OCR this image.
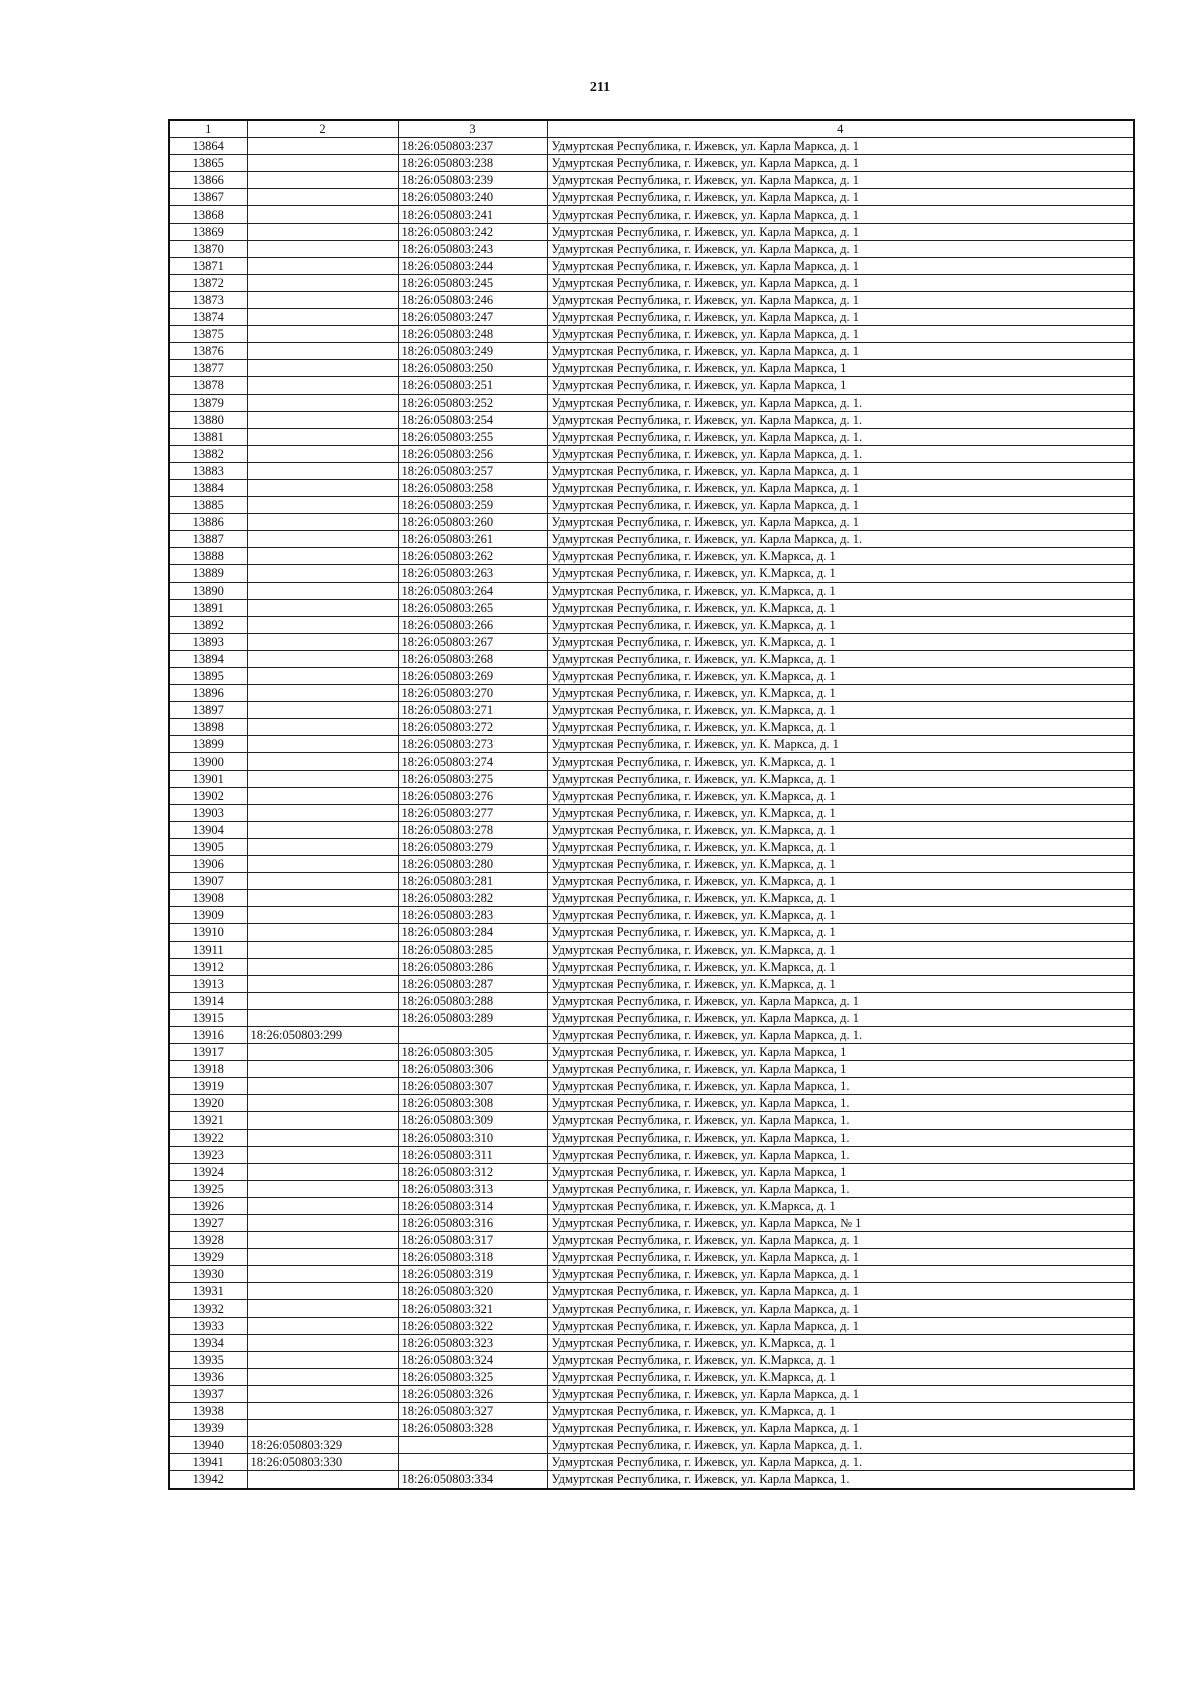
211
1	2	3	4
13864		18:26:050803:237	Удмуртская Республика, г. Ижевск, ул. Карла Маркса, д. 1
13865		18:26:050803:238	Удмуртская Республика, г. Ижевск, ул. Карла Маркса, д. 1
13866		18:26:050803:239	Удмуртская Республика, г. Ижевск, ул. Карла Маркса, д. 1
13867		18:26:050803:240	Удмуртская Республика, г. Ижевск, ул. Карла Маркса, д. 1
13868		18:26:050803:241	Удмуртская Республика, г. Ижевск, ул. Карла Маркса, д. 1
13869		18:26:050803:242	Удмуртская Республика, г. Ижевск, ул. Карла Маркса, д. 1
13870		18:26:050803:243	Удмуртская Республика, г. Ижевск, ул. Карла Маркса, д. 1
13871		18:26:050803:244	Удмуртская Республика, г. Ижевск, ул. Карла Маркса, д. 1
13872		18:26:050803:245	Удмуртская Республика, г. Ижевск, ул. Карла Маркса, д. 1
13873		18:26:050803:246	Удмуртская Республика, г. Ижевск, ул. Карла Маркса, д. 1
13874		18:26:050803:247	Удмуртская Республика, г. Ижевск, ул. Карла Маркса, д. 1
13875		18:26:050803:248	Удмуртская Республика, г. Ижевск, ул. Карла Маркса, д. 1
13876		18:26:050803:249	Удмуртская Республика, г. Ижевск, ул. Карла Маркса, д. 1
13877		18:26:050803:250	Удмуртская Республика, г. Ижевск, ул. Карла Маркса, 1
13878		18:26:050803:251	Удмуртская Республика, г. Ижевск, ул. Карла Маркса, 1
13879		18:26:050803:252	Удмуртская Республика, г. Ижевск, ул. Карла Маркса, д. 1.
13880		18:26:050803:254	Удмуртская Республика, г. Ижевск, ул. Карла Маркса, д. 1.
13881		18:26:050803:255	Удмуртская Республика, г. Ижевск, ул. Карла Маркса, д. 1.
13882		18:26:050803:256	Удмуртская Республика, г. Ижевск, ул. Карла Маркса, д. 1.
13883		18:26:050803:257	Удмуртская Республика, г. Ижевск, ул. Карла Маркса, д. 1
13884		18:26:050803:258	Удмуртская Республика, г. Ижевск, ул. Карла Маркса, д. 1
13885		18:26:050803:259	Удмуртская Республика, г. Ижевск, ул. Карла Маркса, д. 1
13886		18:26:050803:260	Удмуртская Республика, г. Ижевск, ул. Карла Маркса, д. 1
13887		18:26:050803:261	Удмуртская Республика, г. Ижевск, ул. Карла Маркса, д. 1.
13888		18:26:050803:262	Удмуртская Республика, г. Ижевск, ул. К.Маркса, д. 1
13889		18:26:050803:263	Удмуртская Республика, г. Ижевск, ул. К.Маркса, д. 1
13890		18:26:050803:264	Удмуртская Республика, г. Ижевск, ул. К.Маркса, д. 1
13891		18:26:050803:265	Удмуртская Республика, г. Ижевск, ул. К.Маркса, д. 1
13892		18:26:050803:266	Удмуртская Республика, г. Ижевск, ул. К.Маркса, д. 1
13893		18:26:050803:267	Удмуртская Республика, г. Ижевск, ул. К.Маркса, д. 1
13894		18:26:050803:268	Удмуртская Республика, г. Ижевск, ул. К.Маркса, д. 1
13895		18:26:050803:269	Удмуртская Республика, г. Ижевск, ул. К.Маркса, д. 1
13896		18:26:050803:270	Удмуртская Республика, г. Ижевск, ул. К.Маркса, д. 1
13897		18:26:050803:271	Удмуртская Республика, г. Ижевск, ул. К.Маркса, д. 1
13898		18:26:050803:272	Удмуртская Республика, г. Ижевск, ул. К.Маркса, д. 1
13899		18:26:050803:273	Удмуртская Республика, г. Ижевск, ул. К. Маркса, д. 1
13900		18:26:050803:274	Удмуртская Республика, г. Ижевск, ул. К.Маркса, д. 1
13901		18:26:050803:275	Удмуртская Республика, г. Ижевск, ул. К.Маркса, д. 1
13902		18:26:050803:276	Удмуртская Республика, г. Ижевск, ул. К.Маркса, д. 1
13903		18:26:050803:277	Удмуртская Республика, г. Ижевск, ул. К.Маркса, д. 1
13904		18:26:050803:278	Удмуртская Республика, г. Ижевск, ул. К.Маркса, д. 1
13905		18:26:050803:279	Удмуртская Республика, г. Ижевск, ул. К.Маркса, д. 1
13906		18:26:050803:280	Удмуртская Республика, г. Ижевск, ул. К.Маркса, д. 1
13907		18:26:050803:281	Удмуртская Республика, г. Ижевск, ул. К.Маркса, д. 1
13908		18:26:050803:282	Удмуртская Республика, г. Ижевск, ул. К.Маркса, д. 1
13909		18:26:050803:283	Удмуртская Республика, г. Ижевск, ул. К.Маркса, д. 1
13910		18:26:050803:284	Удмуртская Республика, г. Ижевск, ул. К.Маркса, д. 1
13911		18:26:050803:285	Удмуртская Республика, г. Ижевск, ул. К.Маркса, д. 1
13912		18:26:050803:286	Удмуртская Республика, г. Ижевск, ул. К.Маркса, д. 1
13913		18:26:050803:287	Удмуртская Республика, г. Ижевск, ул. К.Маркса, д. 1
13914		18:26:050803:288	Удмуртская Республика, г. Ижевск, ул. Карла Маркса, д. 1
13915		18:26:050803:289	Удмуртская Республика, г. Ижевск, ул. Карла Маркса, д. 1
13916	18:26:050803:299		Удмуртская Республика, г. Ижевск, ул. Карла Маркса, д. 1.
13917		18:26:050803:305	Удмуртская Республика, г. Ижевск, ул. Карла Маркса, 1
13918		18:26:050803:306	Удмуртская Республика, г. Ижевск, ул. Карла Маркса, 1
13919		18:26:050803:307	Удмуртская Республика, г. Ижевск, ул. Карла Маркса, 1.
13920		18:26:050803:308	Удмуртская Республика, г. Ижевск, ул. Карла Маркса, 1.
13921		18:26:050803:309	Удмуртская Республика, г. Ижевск, ул. Карла Маркса, 1.
13922		18:26:050803:310	Удмуртская Республика, г. Ижевск, ул. Карла Маркса, 1.
13923		18:26:050803:311	Удмуртская Республика, г. Ижевск, ул. Карла Маркса, 1.
13924		18:26:050803:312	Удмуртская Республика, г. Ижевск, ул. Карла Маркса, 1
13925		18:26:050803:313	Удмуртская Республика, г. Ижевск, ул. Карла Маркса, 1.
13926		18:26:050803:314	Удмуртская Республика, г. Ижевск, ул. К.Маркса, д. 1
13927		18:26:050803:316	Удмуртская Республика, г. Ижевск, ул. Карла Маркса, № 1
13928		18:26:050803:317	Удмуртская Республика, г. Ижевск, ул. Карла Маркса, д. 1
13929		18:26:050803:318	Удмуртская Республика, г. Ижевск, ул. Карла Маркса, д. 1
13930		18:26:050803:319	Удмуртская Республика, г. Ижевск, ул. Карла Маркса, д. 1
13931		18:26:050803:320	Удмуртская Республика, г. Ижевск, ул. Карла Маркса, д. 1
13932		18:26:050803:321	Удмуртская Республика, г. Ижевск, ул. Карла Маркса, д. 1
13933		18:26:050803:322	Удмуртская Республика, г. Ижевск, ул. Карла Маркса, д. 1
13934		18:26:050803:323	Удмуртская Республика, г. Ижевск, ул. К.Маркса, д. 1
13935		18:26:050803:324	Удмуртская Республика, г. Ижевск, ул. К.Маркса, д. 1
13936		18:26:050803:325	Удмуртская Республика, г. Ижевск, ул. К.Маркса, д. 1
13937		18:26:050803:326	Удмуртская Республика, г. Ижевск, ул. Карла Маркса, д. 1
13938		18:26:050803:327	Удмуртская Республика, г. Ижевск, ул. К.Маркса, д. 1
13939		18:26:050803:328	Удмуртская Республика, г. Ижевск, ул. Карла Маркса, д. 1
13940	18:26:050803:329		Удмуртская Республика, г. Ижевск, ул. Карла Маркса, д. 1.
13941	18:26:050803:330		Удмуртская Республика, г. Ижевск, ул. Карла Маркса, д. 1.
13942		18:26:050803:334	Удмуртская Республика, г. Ижевск, ул. Карла Маркса, 1.
